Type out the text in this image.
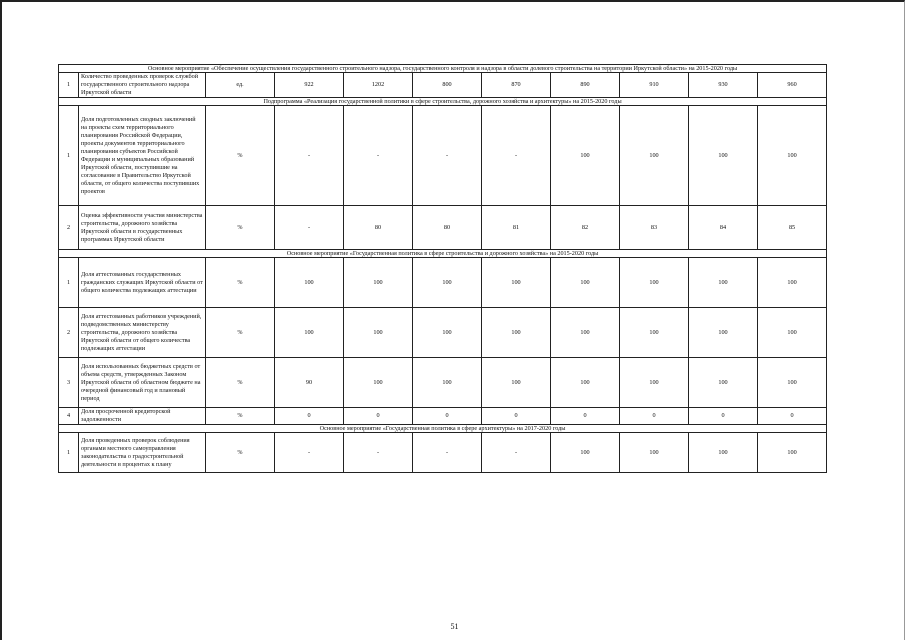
Основное мероприятие «Обеспечение осуществления государственного строительного надзора, государственного контроля и надзора в области долевого строительства на территории Иркутской области» на 2015-2020 годы										
1	Количество проведенных проверок службой государственного строительного надзора Иркутской области	ед.	922	1202	800	870	890	910	930	960
Подпрограмма «Реализация государственной политики в сфере строительства, дорожного хозяйства и архитектуры» на 2015-2020 годы										
1	Доля подготовленных сводных заключений на проекты схем территориального планирования Российской Федерации, проекты документов территориального планирования субъектов Российской Федерации и муниципальных образований Иркутской области, поступившие на согласование в Правительство Иркутской области, от общего количества поступивших проектов	%	-	-	-	-	100	100	100	100
2	Оценка эффективности участия министерства строительства, дорожного хозяйства Иркутской области в государственных программах Иркутской области	%	-	80	80	81	82	83	84	85
Основное мероприятие «Государственная политика в сфере строительства и дорожного хозяйства» на 2015-2020 годы										
1	Доля аттестованных государственных гражданских служащих Иркутской области от общего количества подлежащих аттестации	%	100	100	100	100	100	100	100	100
2	Доля аттестованных работников учреждений, подведомственных министерству строительства, дорожного хозяйства Иркутской области от общего количества подлежащих аттестации	%	100	100	100	100	100	100	100	100
3	Доля использованных бюджетных средств от объема средств, утвержденных Законом Иркутской области об областном бюджете на очередной финансовый год и плановый период	%	90	100	100	100	100	100	100	100
4	Доля просроченной кредиторской задолженности	%	0	0	0	0	0	0	0	0
Основное мероприятие «Государственная политика в сфере архитектуры» на 2017-2020 годы										
1	Доля проведенных проверок соблюдения органами местного самоуправления законодательства о градостроительной деятельности в процентах к плану	%	-	-	-	-	100	100	100	100
51
